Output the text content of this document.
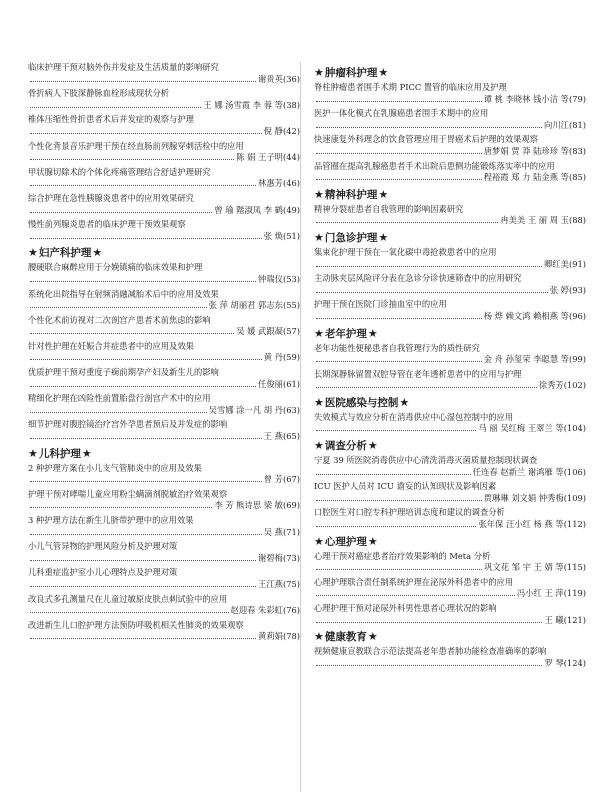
临床护理干预对脑外伤并发症及生活质量的影响研究
谢贵英 (36)
骨折病人下肢深静脉血栓形成现状分析
王 娜 汤雪霞 李 蓉 等 (38)
椎体压缩性骨折患者术后并发症的观察与护理
倪 静 (42)
个性化背景音乐护理干预在经直肠前列腺穿刺活检中的应用
陈 娟 王子明 (44)
甲状腺切除术的个体化疼痛管理结合舒适护理研究
林惠芳 (46)
综合护理在急性胰腺炎患者中的应用效果研究
曾 瑜 階淑凤 李 鹤 (49)
慢性前列腺炎患者的临床护理干预效果观察
张 焕 (51)
★ 妇产科护理 ★
腰硬联合麻醉应用于分娩镇痛的临床效果和护理
钟瑞仪 (53)
系统化出院指导在射频消融减胎术后中的应用及效果
张 萍 胡丽君 郭志东 (55)
个性化术前访视对二次剖宫产患者术前焦虑的影响
吴 媛 武跟凝 (57)
针对性护理在妊娠合并症患者中的应用及效果
黄 丹 (59)
优质护理干预对重度子痫前期孕产妇及新生儿的影响
任俊丽 (61)
精细化护理在凶险性前置胎盘行剖宫产术中的应用
吴雪娜 涂一凡 胡 丹 (63)
细节护理对腹腔镜治疗宫外孕患者预后及并发症的影响
王 燕 (65)
★ 儿科护理 ★
2 种护理方案在小儿支气管肺炎中的应用及效果
曾 芳 (67)
护理干预对哮喘儿童应用粉尘螨滴剂脱敏治疗效果观察
李 芳 熊诗思 梁 敏 (69)
3 种护理方法在新生儿脐带护理中的应用效果
吴 燕 (71)
小儿气管异物的护理风险分析及护理对策
谢碧梅 (73)
儿科重症监护室小儿心理特点及护理对策
王江燕 (75)
改良式多孔测量尺在儿童过敏原皮肤点刺试验中的应用
赵迎春 朱彩虹 (76)
改进新生儿口腔护理方法预防呼吸机相关性肺炎的效果观察
黄莉娟 (78)
★ 肿瘤科护理 ★
脊柱肿瘤患者围手术期 PICC 置管的临床应用及护理
谭 桃 李晓林 钱小洁 等 (79)
医护一体化模式在乳腺癌患者围手术期中的应用
向川江 (81)
快速康复外科理念的饮食管理应用于胃癌术后护理的效果观察
唐梦娟 贾 莽 陆珍珍 等 (83)
品管圈在提高乳腺癌患者手术出院后患侧功能锻炼落实率中的应用
程裕霞 郑 力 陆金燕 等 (85)
★ 精神科护理 ★
精神分裂症患者自我管理的影响因素研究
冉美美 王 丽 周 玉 (88)
★ 门急诊护理 ★
集束化护理干预在一氧化碳中毒抢救患者中的应用
卿红美 (91)
主动脉夹层风险评分表在急诊分诊快速筛查中的应用研究
张 婷 (93)
护理干预在医院门诊抽血室中的应用
杨 烨 赖文鸿 赖相燕 等 (96)
★ 老年护理 ★
老年功能性便秘患者自我管理行为的质性研究
金 舟 孙玺荣 李聪慧 等 (99)
长期深静脉留置双腔导管在老年透析患者中的应用与护理
徐秀芳 (102)
★ 医院感染与控制 ★
失效模式与效应分析在消毒供应中心湿包控制中的应用
马 丽 吴红梅 王翠兰 等 (104)
★ 调查分析 ★
宁夏 39 所医院消毒供应中心清洗消毒灭菌质量控制现状调查
任连春 赵新兰 谢鸿雁 等 (106)
ICU 医护人员对 ICU 谵妄的认知现状及影响因素
贾琳琳 刘文娟 钟秀梅 (109)
口腔医生对口腔专科护理培训态度和建议的调查分析
张年保 汪小红 杨 燕 等 (112)
★ 心理护理 ★
心理干预对癌症患者治疗效果影响的 Meta 分析
巩文花 邹 宇 王 婧 等 (115)
心理护理联合责任制系统护理在泌尿外科患者中的应用
冯小红 王 萍 (119)
心理护理干预对泌尿外科男性患者心理状况的影响
王 曦 (121)
★ 健康教育 ★
视频健康宣教联合示范法提高老年患者肺功能检查准确率的影响
罗 琴 (124)
